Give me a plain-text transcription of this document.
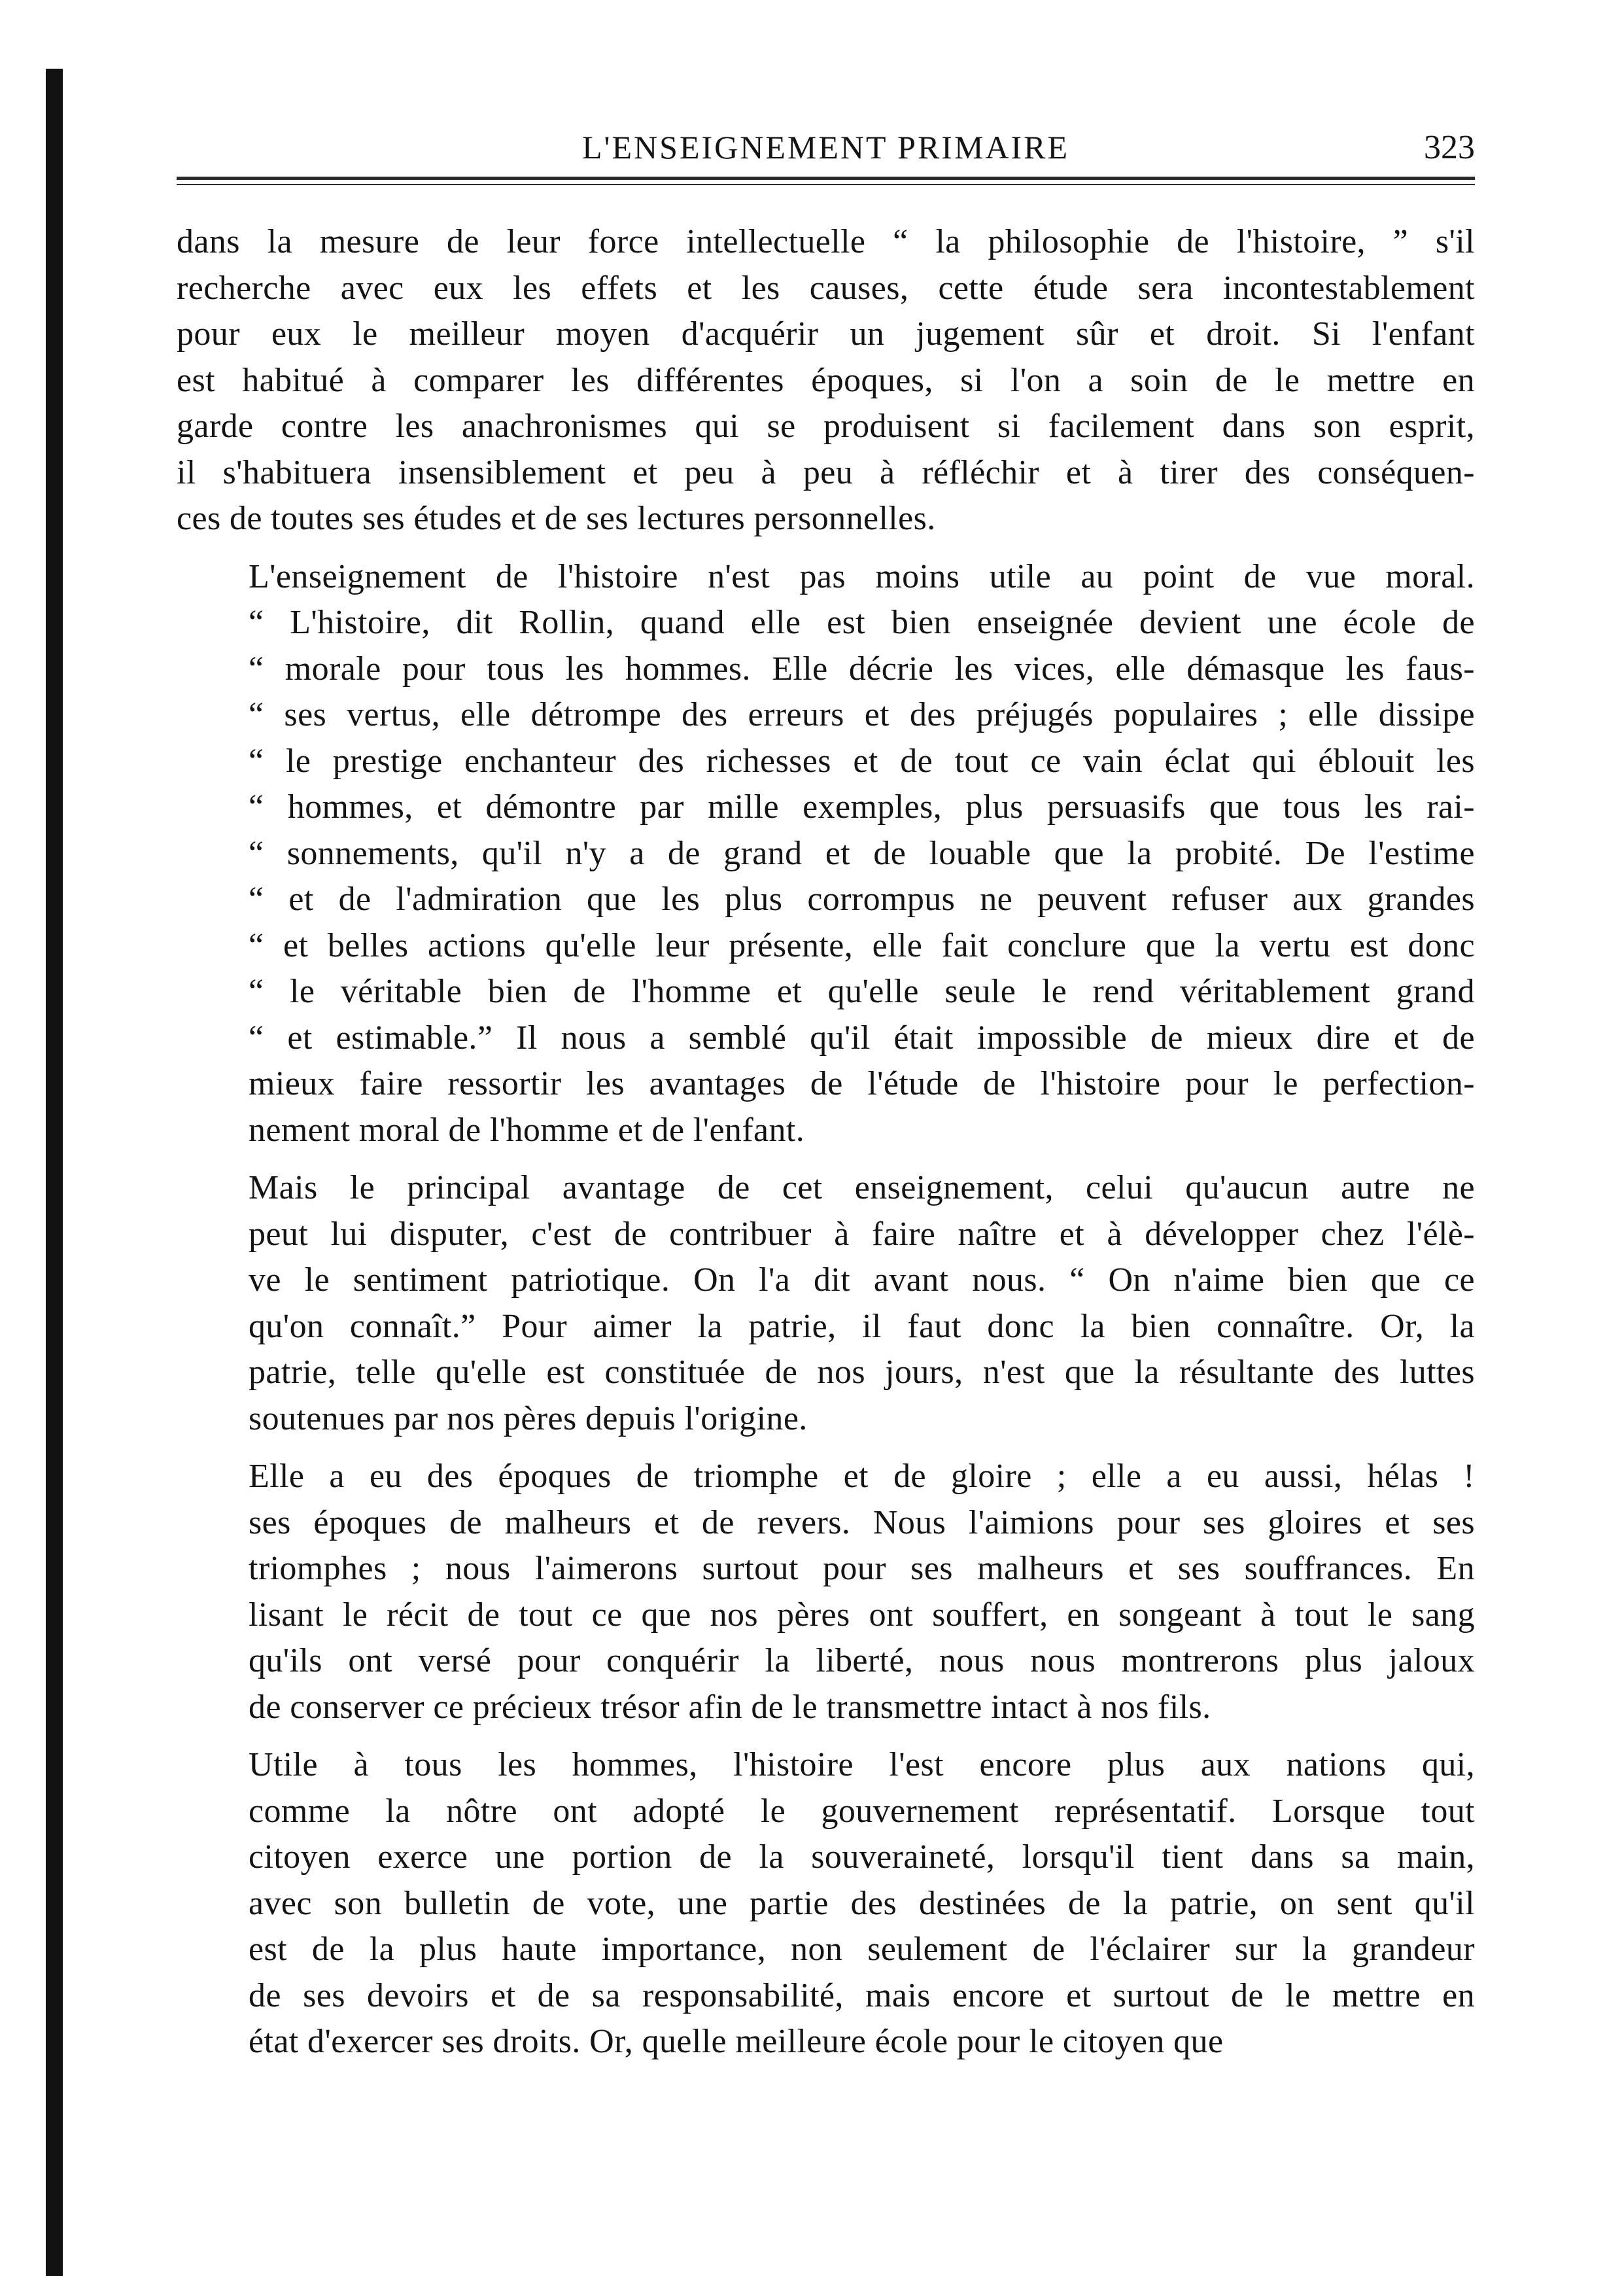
L'ENSEIGNEMENT PRIMAIRE	323

dans la mesure de leur force intellectuelle “ la philosophie de l'histoire, ” s'il
recherche avec eux les effets et les causes, cette étude sera incontestablement
pour eux le meilleur moyen d'acquérir un jugement sûr et droit. Si l'enfant
est habitué à comparer les différentes époques, si l'on a soin de le mettre en
garde contre les anachronismes qui se produisent si facilement dans son esprit,
il s'habituera insensiblement et peu à peu à réfléchir et à tirer des conséquen-
ces de toutes ses études et de ses lectures personnelles.

L'enseignement de l'histoire n'est pas moins utile au point de vue moral.
“ L'histoire, dit Rollin, quand elle est bien enseignée devient une école de
“ morale pour tous les hommes. Elle décrie les vices, elle démasque les faus-
“ ses vertus, elle détrompe des erreurs et des préjugés populaires ; elle dissipe
“ le prestige enchanteur des richesses et de tout ce vain éclat qui éblouit les
“ hommes, et démontre par mille exemples, plus persuasifs que tous les rai-
“ sonnements, qu'il n'y a de grand et de louable que la probité. De l'estime
“ et de l'admiration que les plus corrompus ne peuvent refuser aux grandes
“ et belles actions qu'elle leur présente, elle fait conclure que la vertu est donc
“ le véritable bien de l'homme et qu'elle seule le rend véritablement grand
“ et estimable.” Il nous a semblé qu'il était impossible de mieux dire et de
mieux faire ressortir les avantages de l'étude de l'histoire pour le perfection-
nement moral de l'homme et de l'enfant.

Mais le principal avantage de cet enseignement, celui qu'aucun autre ne
peut lui disputer, c'est de contribuer à faire naître et à développer chez l'élè-
ve le sentiment patriotique. On l'a dit avant nous. “ On n'aime bien que ce
qu'on connaît.” Pour aimer la patrie, il faut donc la bien connaître. Or, la
patrie, telle qu'elle est constituée de nos jours, n'est que la résultante des luttes
soutenues par nos pères depuis l'origine.

Elle a eu des époques de triomphe et de gloire ; elle a eu aussi, hélas !
ses époques de malheurs et de revers. Nous l'aimions pour ses gloires et ses
triomphes ; nous l'aimerons surtout pour ses malheurs et ses souffrances. En
lisant le récit de tout ce que nos pères ont souffert, en songeant à tout le sang
qu'ils ont versé pour conquérir la liberté, nous nous montrerons plus jaloux
de conserver ce précieux trésor afin de le transmettre intact à nos fils.

Utile à tous les hommes, l'histoire l'est encore plus aux nations qui,
comme la nôtre ont adopté le gouvernement représentatif. Lorsque tout
citoyen exerce une portion de la souveraineté, lorsqu'il tient dans sa main,
avec son bulletin de vote, une partie des destinées de la patrie, on sent qu'il
est de la plus haute importance, non seulement de l'éclairer sur la grandeur
de ses devoirs et de sa responsabilité, mais encore et surtout de le mettre en
état d'exercer ses droits. Or, quelle meilleure école pour le citoyen que
